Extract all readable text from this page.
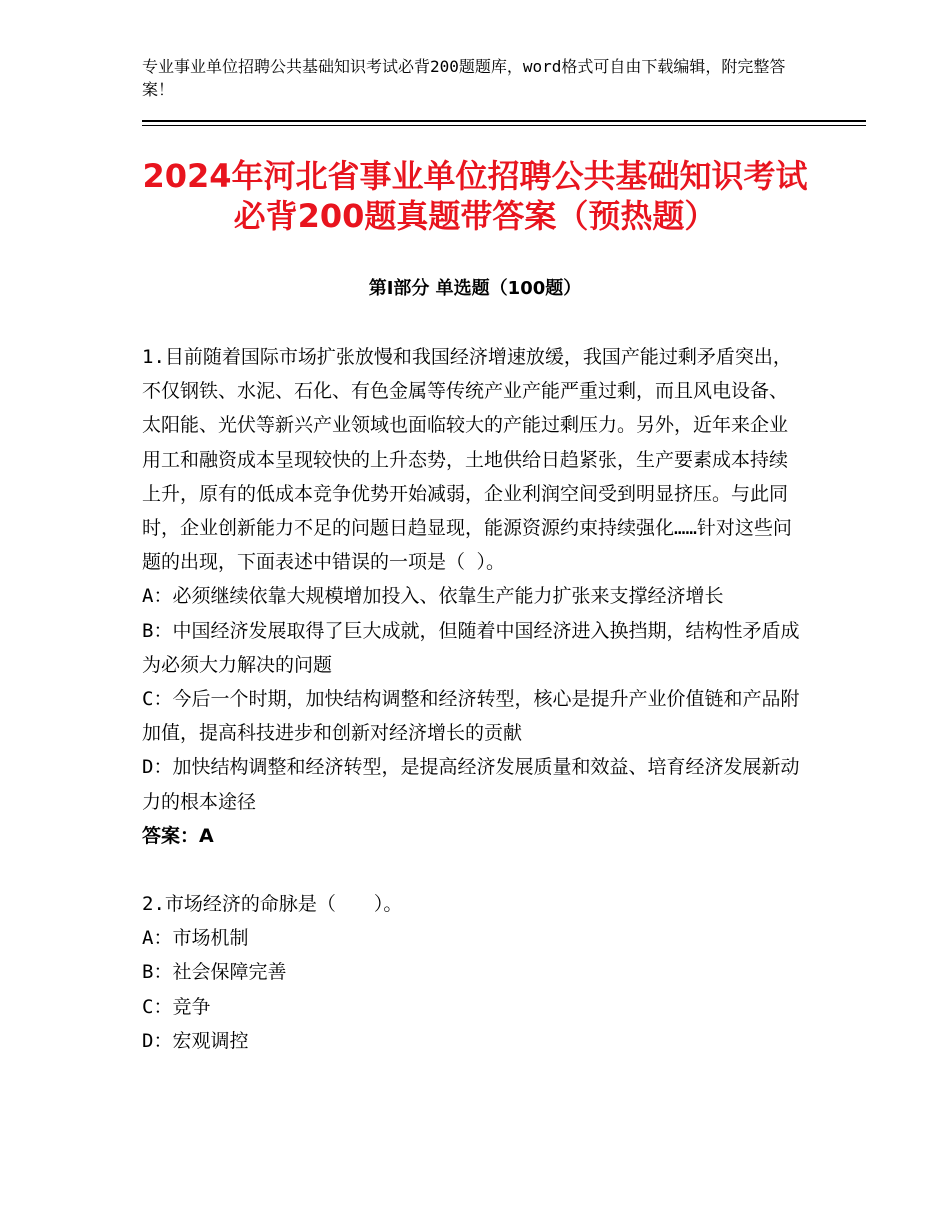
专业事业单位招聘公共基础知识考试必背200题题库，word格式可自由下载编辑，附完整答案！
2024年河北省事业单位招聘公共基础知识考试必背200题真题带答案（预热题）
第Ⅰ部分 单选题（100题）
1.目前随着国际市场扩张放慢和我国经济增速放缓，我国产能过剩矛盾突出，不仅钢铁、水泥、石化、有色金属等传统产业产能严重过剩，而且风电设备、太阳能、光伏等新兴产业领域也面临较大的产能过剩压力。另外，近年来企业用工和融资成本呈现较快的上升态势，土地供给日趋紧张，生产要素成本持续上升，原有的低成本竞争优势开始减弱，企业利润空间受到明显挤压。与此同时，企业创新能力不足的问题日趋显现，能源资源约束持续强化……针对这些问题的出现，下面表述中错误的一项是（ ）。
A：必须继续依靠大规模增加投入、依靠生产能力扩张来支撑经济增长
B：中国经济发展取得了巨大成就，但随着中国经济进入换挡期，结构性矛盾成为必须大力解决的问题
C：今后一个时期，加快结构调整和经济转型，核心是提升产业价值链和产品附加值，提高科技进步和创新对经济增长的贡献
D：加快结构调整和经济转型，是提高经济发展质量和效益、培育经济发展新动力的根本途径
答案：A
2.市场经济的命脉是（　　）。
A：市场机制
B：社会保障完善
C：竞争
D：宏观调控
